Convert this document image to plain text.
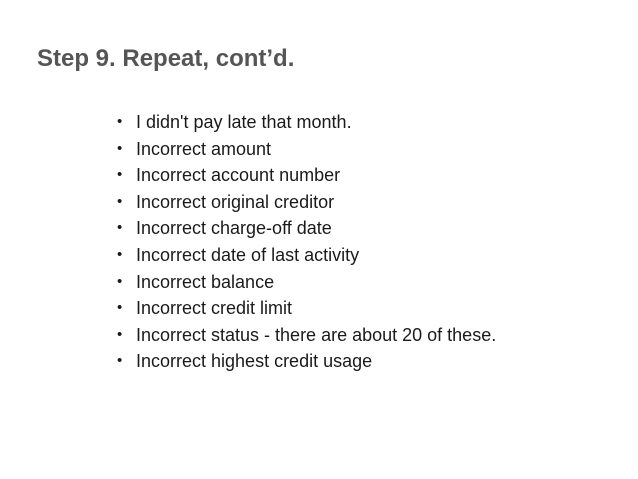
Step 9. Repeat, cont’d.
• I didn't pay late that month.
• Incorrect amount
• Incorrect account number
• Incorrect original creditor
• Incorrect charge-off date
• Incorrect date of last activity
• Incorrect balance
• Incorrect credit limit
• Incorrect status - there are about 20 of these.
• Incorrect highest credit usage
